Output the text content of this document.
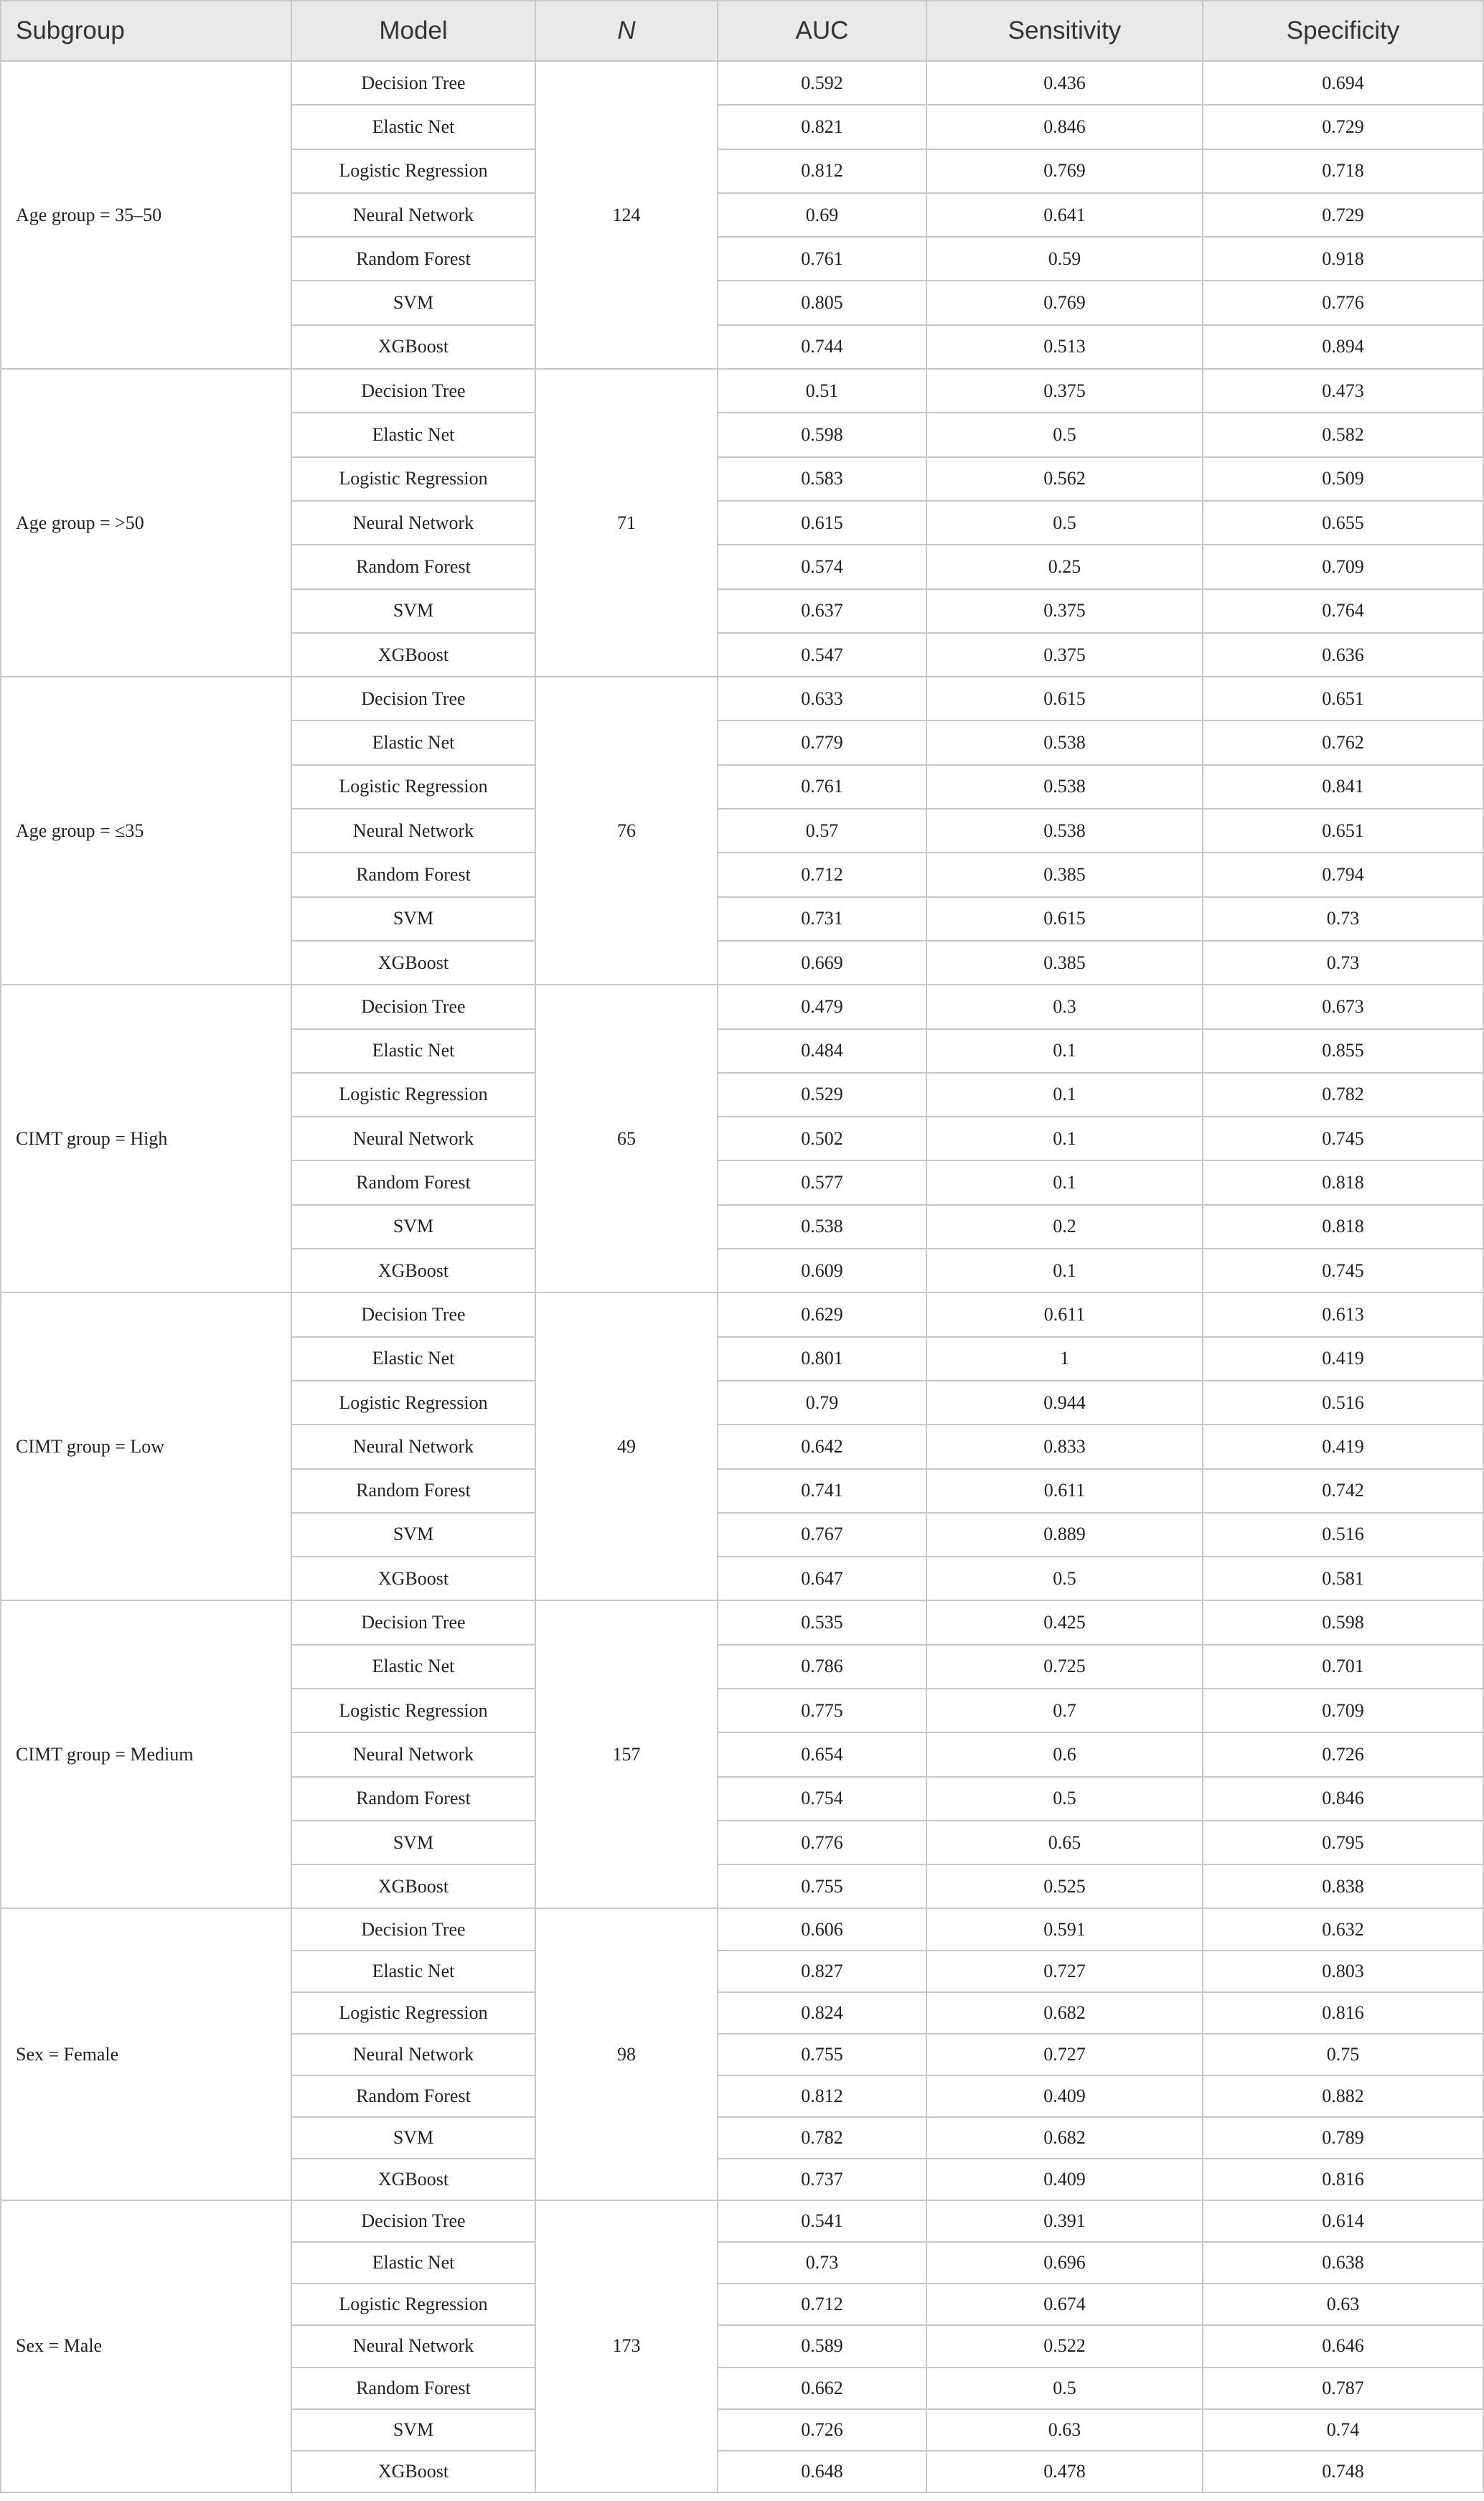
Subgroup	Model	N	AUC	Sensitivity	Specificity
Age group = 35–50	Decision Tree	124	0.592	0.436	0.694
	Elastic Net		0.821	0.846	0.729
	Logistic Regression		0.812	0.769	0.718
	Neural Network		0.69	0.641	0.729
	Random Forest		0.761	0.59	0.918
	SVM		0.805	0.769	0.776
	XGBoost		0.744	0.513	0.894
Age group = >50	Decision Tree	71	0.51	0.375	0.473
	Elastic Net		0.598	0.5	0.582
	Logistic Regression		0.583	0.562	0.509
	Neural Network		0.615	0.5	0.655
	Random Forest		0.574	0.25	0.709
	SVM		0.637	0.375	0.764
	XGBoost		0.547	0.375	0.636
Age group = ≤35	Decision Tree	76	0.633	0.615	0.651
	Elastic Net		0.779	0.538	0.762
	Logistic Regression		0.761	0.538	0.841
	Neural Network		0.57	0.538	0.651
	Random Forest		0.712	0.385	0.794
	SVM		0.731	0.615	0.73
	XGBoost		0.669	0.385	0.73
CIMT group = High	Decision Tree	65	0.479	0.3	0.673
	Elastic Net		0.484	0.1	0.855
	Logistic Regression		0.529	0.1	0.782
	Neural Network		0.502	0.1	0.745
	Random Forest		0.577	0.1	0.818
	SVM		0.538	0.2	0.818
	XGBoost		0.609	0.1	0.745
CIMT group = Low	Decision Tree	49	0.629	0.611	0.613
	Elastic Net		0.801	1	0.419
	Logistic Regression		0.79	0.944	0.516
	Neural Network		0.642	0.833	0.419
	Random Forest		0.741	0.611	0.742
	SVM		0.767	0.889	0.516
	XGBoost		0.647	0.5	0.581
CIMT group = Medium	Decision Tree	157	0.535	0.425	0.598
	Elastic Net		0.786	0.725	0.701
	Logistic Regression		0.775	0.7	0.709
	Neural Network		0.654	0.6	0.726
	Random Forest		0.754	0.5	0.846
	SVM		0.776	0.65	0.795
	XGBoost		0.755	0.525	0.838
Sex = Female	Decision Tree	98	0.606	0.591	0.632
	Elastic Net		0.827	0.727	0.803
	Logistic Regression		0.824	0.682	0.816
	Neural Network		0.755	0.727	0.75
	Random Forest		0.812	0.409	0.882
	SVM		0.782	0.682	0.789
	XGBoost		0.737	0.409	0.816
Sex = Male	Decision Tree	173	0.541	0.391	0.614
	Elastic Net		0.73	0.696	0.638
	Logistic Regression		0.712	0.674	0.63
	Neural Network		0.589	0.522	0.646
	Random Forest		0.662	0.5	0.787
	SVM		0.726	0.63	0.74
	XGBoost		0.648	0.478	0.748
